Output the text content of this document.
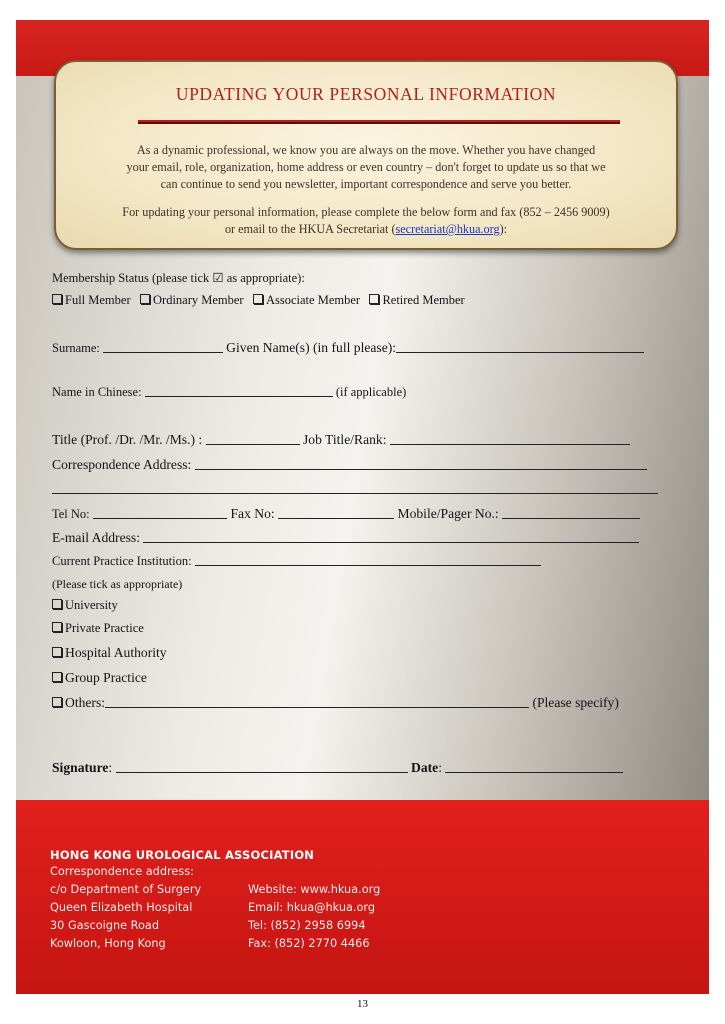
UPDATING YOUR PERSONAL INFORMATION
As a dynamic professional, we know you are always on the move. Whether you have changed
your email, role, organization, home address or even country – don't forget to update us so that we
can continue to send you newsletter, important correspondence and serve you better.
For updating your personal information, please complete the below form and fax (852 – 2456 9009)
or email to the HKUA Secretariat (secretariat@hkua.org):
Membership Status (please tick ☑ as appropriate):
Full Member Ordinary Member Associate Member Retired Member
Surname:	Given Name(s) (in full please):
Name in Chinese:	(if applicable)
Title (Prof. /Dr. /Mr. /Ms.) :	Job Title/Rank:
Correspondence Address:
Tel No:	Fax No:	Mobile/Pager No.:
E-mail Address:
Current Practice Institution:
(Please tick as appropriate)
University
Private Practice
Hospital Authority
Group Practice
Others:	(Please specify)
Signature:	Date:
HONG KONG UROLOGICAL ASSOCIATION
Correspondence address:
c/o Department of Surgery
Queen Elizabeth Hospital
30 Gascoigne Road
Kowloon, Hong Kong
Website: www.hkua.org
Email: hkua@hkua.org
Tel: (852) 2958 6994
Fax: (852) 2770 4466
13
